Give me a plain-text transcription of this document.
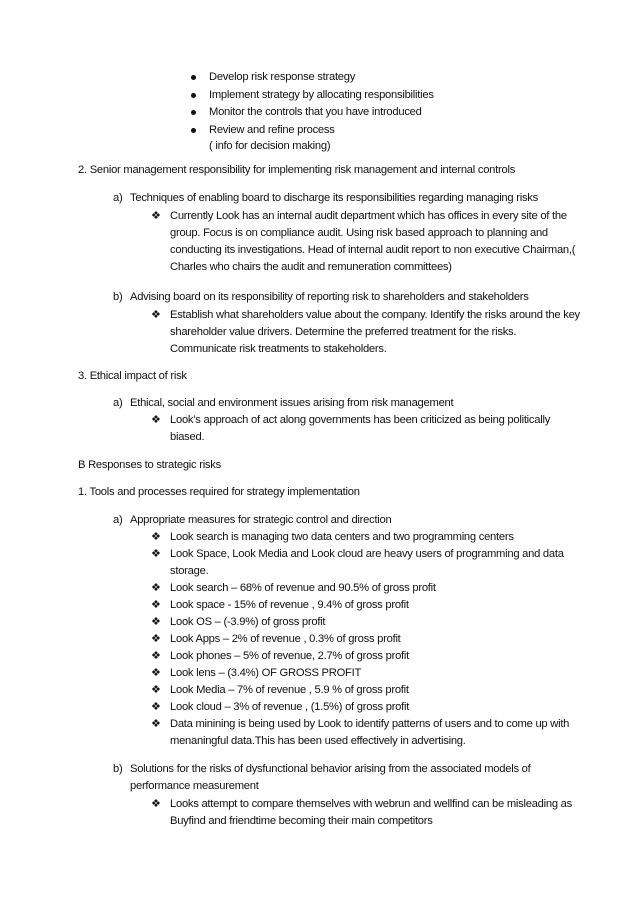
Develop risk response strategy
Implement strategy by allocating responsibilities
Monitor the controls that you have introduced
Review and refine process
( info for decision making)
2. Senior management responsibility for implementing risk management and internal controls
a) Techniques of enabling board to discharge its responsibilities regarding managing risks
❖ Currently Look has an internal audit department which has offices in every site of the
group. Focus is on compliance audit. Using risk based approach to planning and
conducting its investigations. Head of internal audit report to non executive Chairman,(
Charles who chairs the audit and remuneration committees)
b) Advising board on its responsibility of reporting risk to shareholders and stakeholders
❖ Establish what shareholders value about the company. Identify the risks around the key
shareholder value drivers. Determine the preferred treatment for the risks.
Communicate risk treatments to stakeholders.
3. Ethical impact of risk
a) Ethical, social and environment issues arising from risk management
❖ Look’s approach of act along governments has been criticized as being politically
biased.
B Responses to strategic risks
1. Tools and processes required for strategy implementation
a) Appropriate measures for strategic control and direction
❖ Look search is managing two data centers and two programming centers
❖ Look Space, Look Media and Look cloud are heavy users of programming and data
storage.
❖ Look search – 68% of revenue and 90.5% of gross profit
❖ Look space - 15% of revenue , 9.4% of gross profit
❖ Look OS – (-3.9%) of gross profit
❖ Look Apps – 2% of revenue , 0.3% of gross profit
❖ Look phones – 5% of revenue, 2.7% of gross profit
❖ Look lens – (3.4%) OF GROSS PROFIT
❖ Look Media – 7% of revenue , 5.9 % of gross profit
❖ Look cloud – 3% of revenue , (1.5%) of gross profit
❖ Data minining is being used by Look to identify patterns of users and to come up with
menaningful data.This has been used effectively in advertising.
b) Solutions for the risks of dysfunctional behavior arising from the associated models of
performance measurement
❖ Looks attempt to compare themselves with webrun and wellfind can be misleading as
Buyfind and friendtime becoming their main competitors
